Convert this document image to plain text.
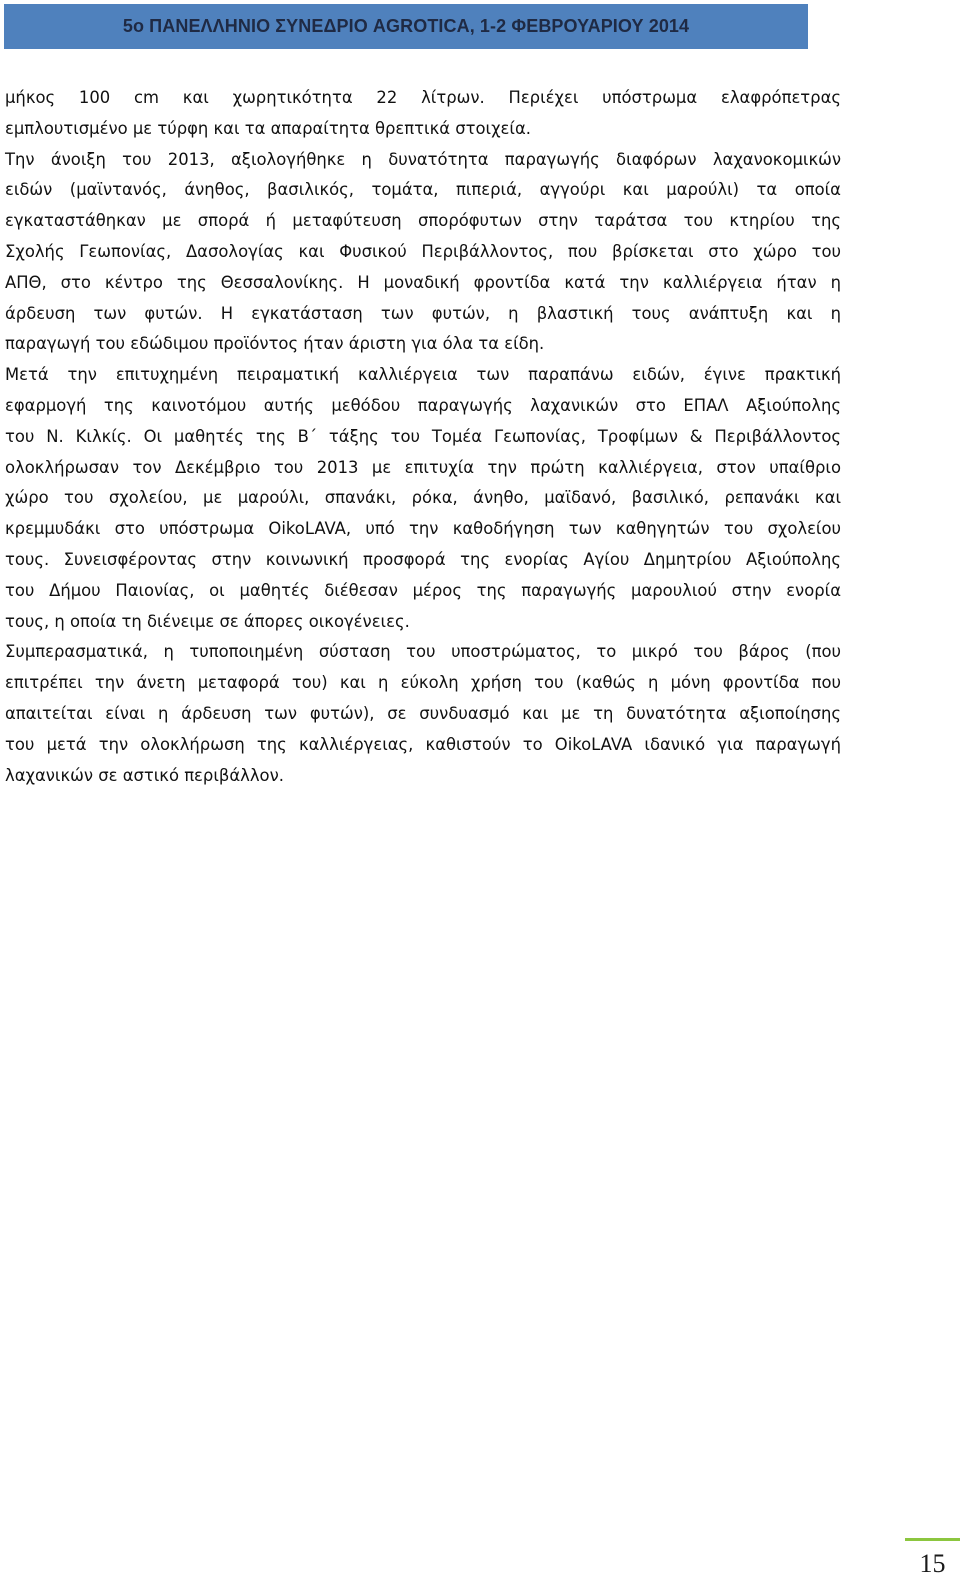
5ο ΠΑΝΕΛΛΗΝΙΟ ΣΥΝΕΔΡΙΟ AGROTICA, 1-2 ΦΕΒΡΟΥΑΡΙΟΥ 2014
μήκος 100 cm και χωρητικότητα 22 λίτρων. Περιέχει υπόστρωμα ελαφρόπετρας
εμπλουτισμένο με τύρφη και τα απαραίτητα θρεπτικά στοιχεία.
Την άνοιξη του 2013, αξιολογήθηκε η δυνατότητα παραγωγής διαφόρων λαχανοκομικών
ειδών (μαϊντανός, άνηθος, βασιλικός, τομάτα, πιπεριά, αγγούρι και μαρούλι) τα οποία
εγκαταστάθηκαν με σπορά ή μεταφύτευση σπορόφυτων στην ταράτσα του κτηρίου της
Σχολής Γεωπονίας, Δασολογίας και Φυσικού Περιβάλλοντος, που βρίσκεται στο χώρο του
ΑΠΘ, στο κέντρο της Θεσσαλονίκης. Η μοναδική φροντίδα κατά την καλλιέργεια ήταν η
άρδευση των φυτών. Η εγκατάσταση των φυτών, η βλαστική τους ανάπτυξη και η
παραγωγή του εδώδιμου προϊόντος ήταν άριστη για όλα τα είδη.
Μετά την επιτυχημένη πειραματική καλλιέργεια των παραπάνω ειδών, έγινε πρακτική
εφαρμογή της καινοτόμου αυτής μεθόδου παραγωγής λαχανικών στο ΕΠΑΛ Αξιούπολης
του Ν. Κιλκίς. Οι μαθητές της Β΄ τάξης του Τομέα Γεωπονίας, Τροφίμων & Περιβάλλοντος
ολοκλήρωσαν τον Δεκέμβριο του 2013 με επιτυχία την πρώτη καλλιέργεια, στον υπαίθριο
χώρο του σχολείου, με μαρούλι, σπανάκι, ρόκα, άνηθο, μαϊδανό, βασιλικό, ρεπανάκι και
κρεμμυδάκι στο υπόστρωμα OikoLAVA, υπό την καθοδήγηση των καθηγητών του σχολείου
τους. Συνεισφέροντας στην κοινωνική προσφορά της ενορίας Αγίου Δημητρίου Αξιούπολης
του Δήμου Παιονίας, οι μαθητές διέθεσαν μέρος της παραγωγής μαρουλιού στην ενορία
τους, η οποία τη διένειμε σε άπορες οικογένειες.
Συμπερασματικά, η τυποποιημένη σύσταση του υποστρώματος, το μικρό του βάρος (που
επιτρέπει την άνετη μεταφορά του) και η εύκολη χρήση του (καθώς η μόνη φροντίδα που
απαιτείται είναι η άρδευση των φυτών), σε συνδυασμό και με τη δυνατότητα αξιοποίησης
του μετά την ολοκλήρωση της καλλιέργειας, καθιστούν το OikoLAVA ιδανικό για παραγωγή
λαχανικών σε αστικό περιβάλλον.
15
